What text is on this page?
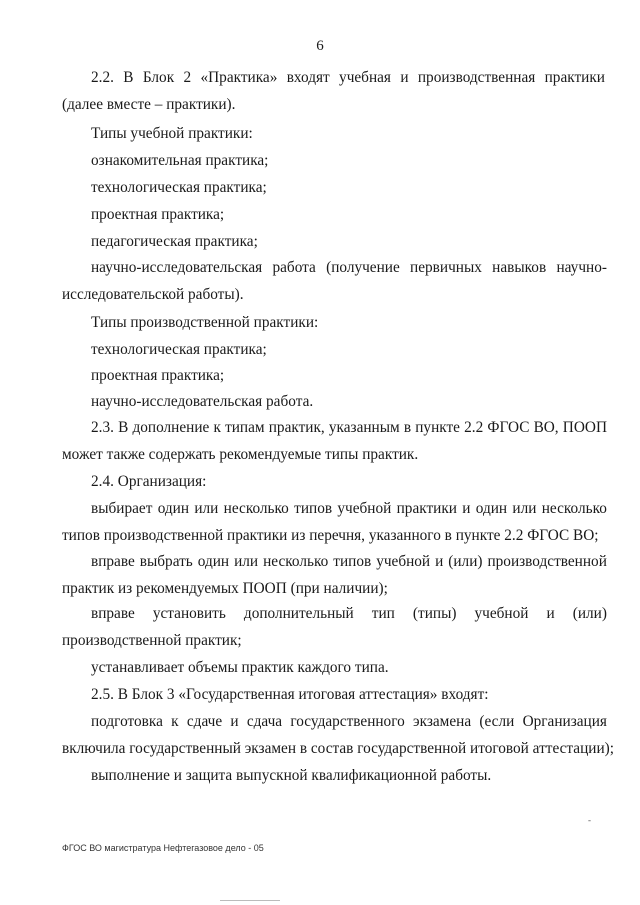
6
2.2. В Блок 2 «Практика» входят учебная и производственная практики
(далее вместе – практики).
Типы учебной практики:
ознакомительная практика;
технологическая практика;
проектная практика;
педагогическая практика;
научно-исследовательская работа (получение первичных навыков научно-
исследовательской работы).
Типы производственной практики:
технологическая практика;
проектная практика;
научно-исследовательская работа.
2.3. В дополнение к типам практик, указанным в пункте 2.2 ФГОС ВО, ПООП
может также содержать рекомендуемые типы практик.
2.4. Организация:
выбирает один или несколько типов учебной практики и один или несколько
типов производственной практики из перечня, указанного в пункте 2.2 ФГОС ВО;
вправе выбрать один или несколько типов учебной и (или) производственной
практик из рекомендуемых ПООП (при наличии);
вправе установить дополнительный тип (типы) учебной и (или)
производственной практик;
устанавливает объемы практик каждого типа.
2.5. В Блок 3 «Государственная итоговая аттестация» входят:
подготовка к сдаче и сдача государственного экзамена (если Организация
включила государственный экзамен в состав государственной итоговой аттестации);
выполнение и защита выпускной квалификационной работы.
-
ФГОС ВО магистратура Нефтегазовое дело - 05
